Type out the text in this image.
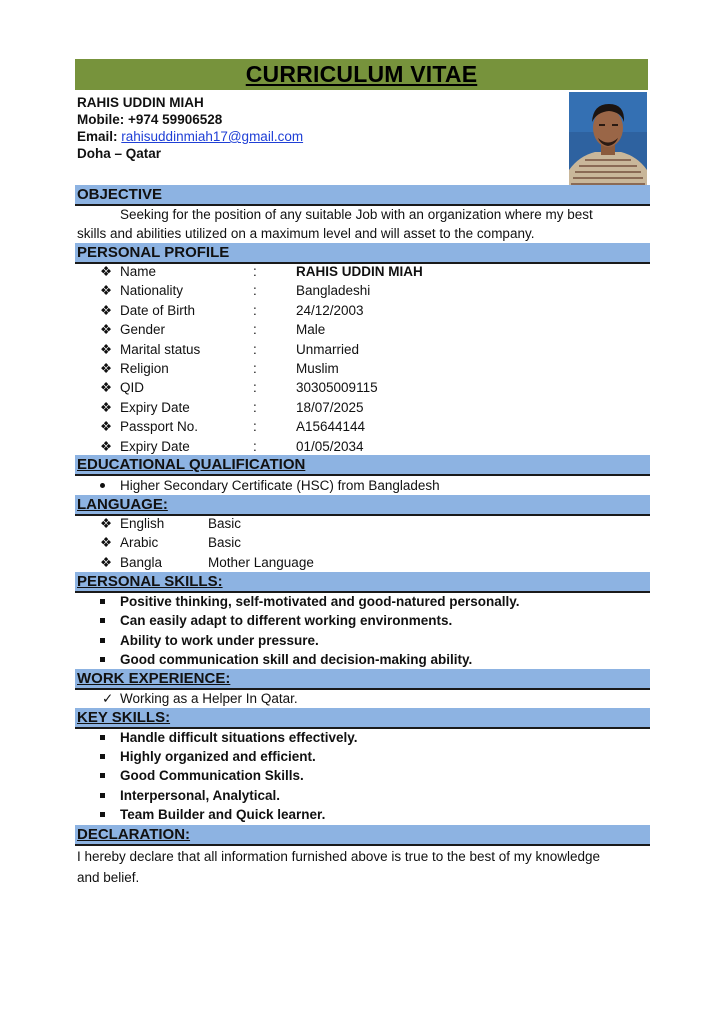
CURRICULUM VITAE
RAHIS UDDIN MIAH
Mobile: +974 59906528
Email: rahisuddinmiah17@gmail.com
Doha – Qatar
OBJECTIVE
Seeking for the position of any suitable Job with an organization where my best
skills and abilities utilized on a maximum level and will asset to the company.
PERSONAL PROFILE
❖ Name	:	RAHIS UDDIN MIAH
❖ Nationality	:	Bangladeshi
❖ Date of Birth	:	24/12/2003
❖ Gender	:	Male
❖ Marital status	:	Unmarried
❖ Religion	:	Muslim
❖ QID	:	30305009115
❖ Expiry Date	:	18/07/2025
❖ Passport No.	:	A15644144
❖ Expiry Date	:	01/05/2034
EDUCATIONAL QUALIFICATION
Higher Secondary Certificate (HSC) from Bangladesh
LANGUAGE:
❖ English	Basic
❖ Arabic	Basic
❖ Bangla	Mother Language
PERSONAL SKILLS:
Positive thinking, self-motivated and good-natured personally.
Can easily adapt to different working environments.
Ability to work under pressure.
Good communication skill and decision-making ability.
WORK EXPERIENCE:
✓ Working as a Helper In Qatar.
KEY SKILLS:
Handle difficult situations effectively.
Highly organized and efficient.
Good Communication Skills.
Interpersonal, Analytical.
Team Builder and Quick learner.
DECLARATION:
I hereby declare that all information furnished above is true to the best of my knowledge
and belief.
